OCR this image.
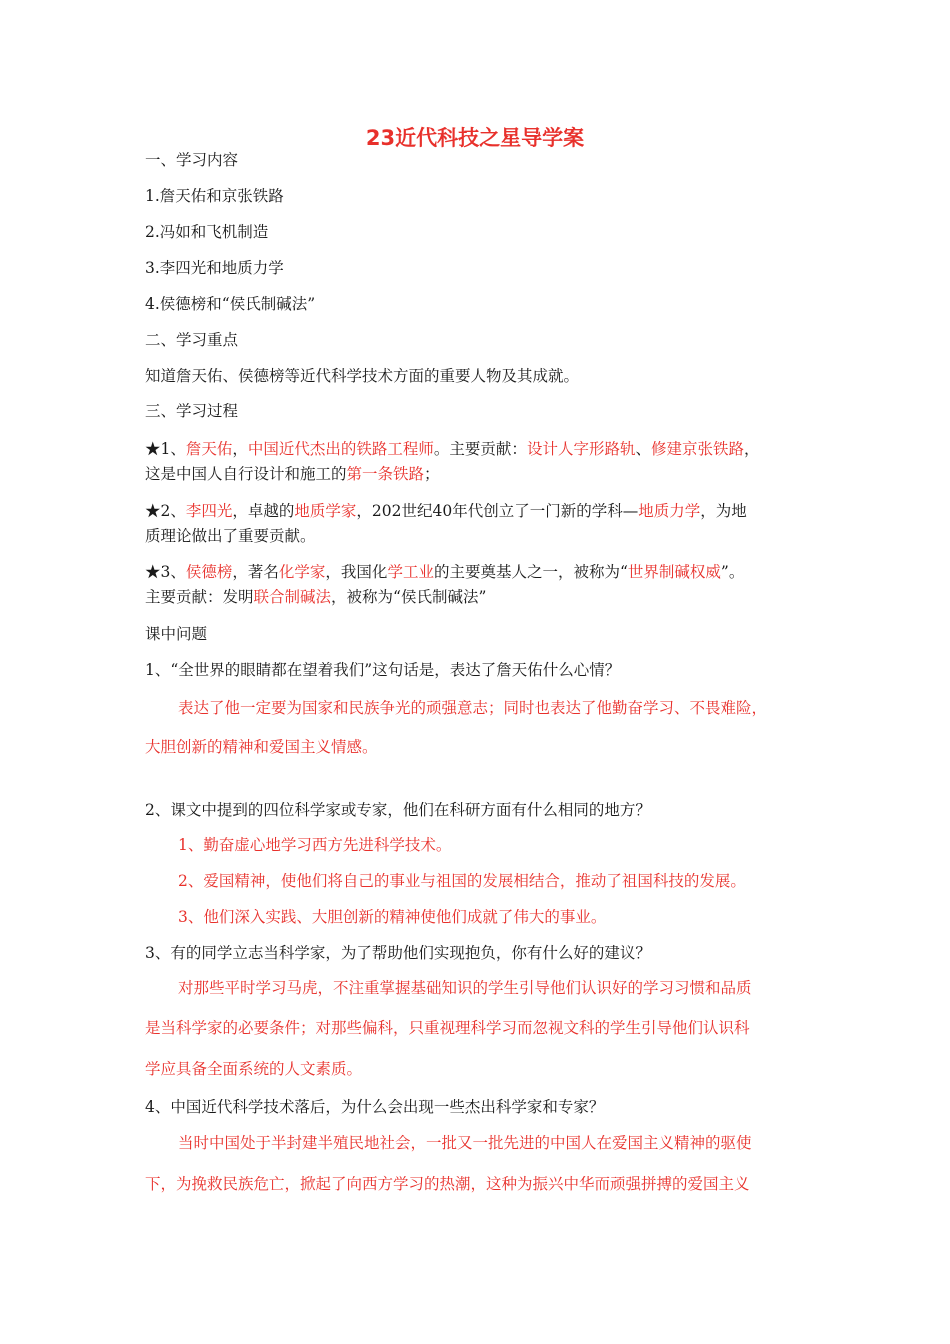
23近代科技之星导学案
一、学习内容
1.詹天佑和京张铁路
2.冯如和飞机制造
3.李四光和地质力学
4.侯德榜和“侯氏制碱法”
二、学习重点
知道詹天佑、侯德榜等近代科学技术方面的重要人物及其成就。
三、学习过程
★1、詹天佑，中国近代杰出的铁路工程师。主要贡献：设计人字形路轨、修建京张铁路，
这是中国人自行设计和施工的第一条铁路；
★2、李四光，卓越的地质学家，202世纪40年代创立了一门新的学科—地质力学，为地
质理论做出了重要贡献。
★3、侯德榜，著名化学家，我国化学工业的主要奠基人之一，被称为“世界制碱权威”。
主要贡献：发明联合制碱法，被称为“侯氏制碱法”
课中问题
1、“全世界的眼睛都在望着我们”这句话是，表达了詹天佑什么心情？
表达了他一定要为国家和民族争光的顽强意志；同时也表达了他勤奋学习、不畏难险，
大胆创新的精神和爱国主义情感。
2、课文中提到的四位科学家或专家，他们在科研方面有什么相同的地方？
1、勤奋虚心地学习西方先进科学技术。
2、爱国精神，使他们将自己的事业与祖国的发展相结合，推动了祖国科技的发展。
3、他们深入实践、大胆创新的精神使他们成就了伟大的事业。
3、有的同学立志当科学家，为了帮助他们实现抱负，你有什么好的建议？
对那些平时学习马虎，不注重掌握基础知识的学生引导他们认识好的学习习惯和品质
是当科学家的必要条件；对那些偏科，只重视理科学习而忽视文科的学生引导他们认识科
学应具备全面系统的人文素质。
4、中国近代科学技术落后，为什么会出现一些杰出科学家和专家？
当时中国处于半封建半殖民地社会，一批又一批先进的中国人在爱国主义精神的驱使
下，为挽救民族危亡，掀起了向西方学习的热潮，这种为振兴中华而顽强拼搏的爱国主义
